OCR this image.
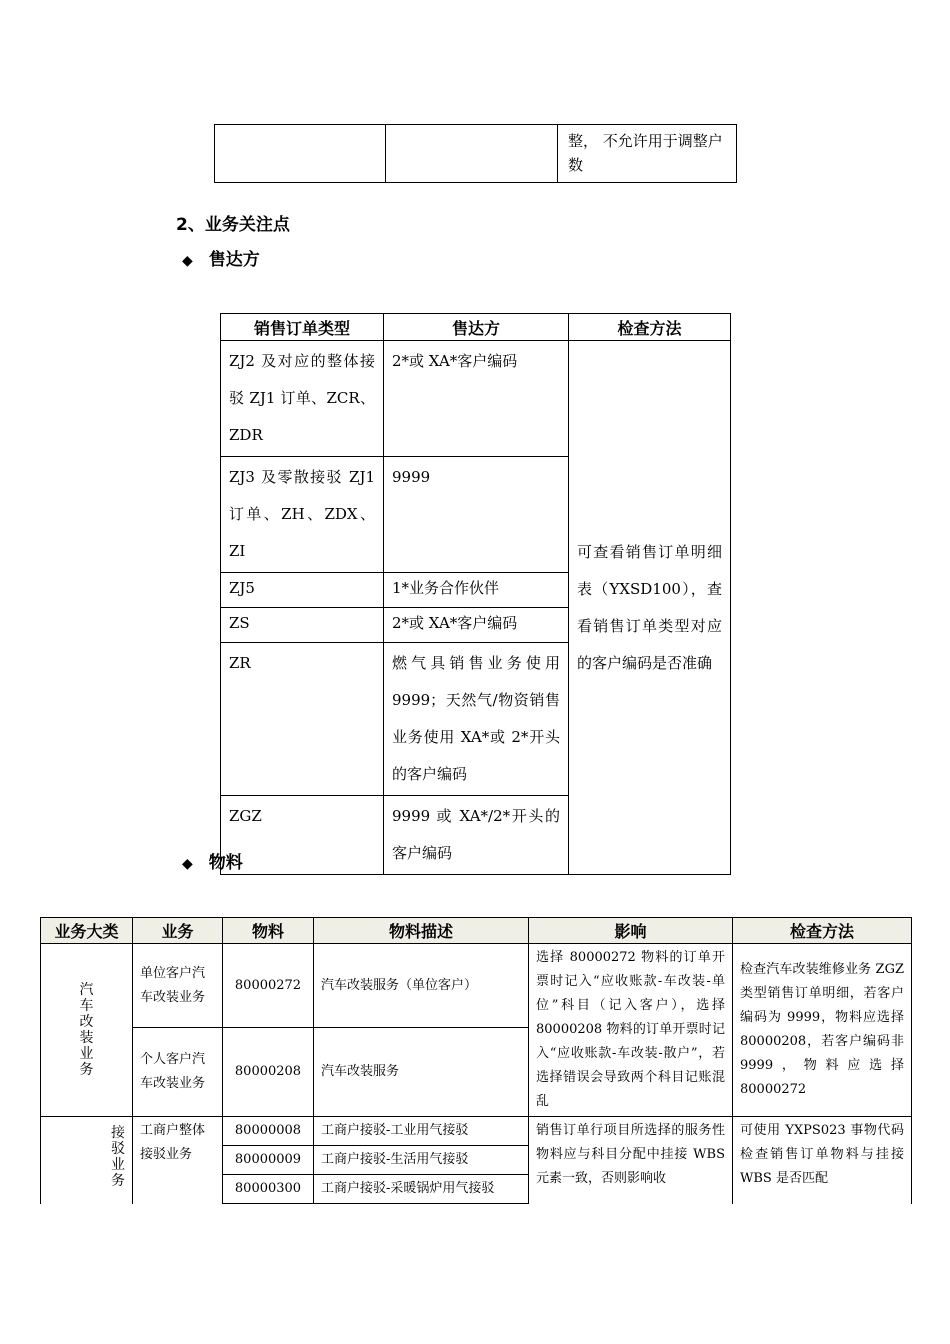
		整， 不允许用于调整户数
2、业务关注点
◆ 售达方
销售订单类型	售达方	检查方法
ZJ2 及对应的整体接驳 ZJ1 订单、ZCR、ZDR	2*或 XA*客户编码	可查看销售订单明细表（YXSD100），查看销售订单类型对应的客户编码是否准确
ZJ3 及零散接驳 ZJ1 订单、ZH、ZDX、ZI	9999	
ZJ5	1*业务合作伙伴	
ZS	2*或 XA*客户编码	
ZR	燃气具销售业务使用 9999；天然气/物资销售业务使用 XA*或 2*开头的客户编码	
ZGZ	9999 或 XA*/2*开头的客户编码	
◆ 物料
业务大类	业务	物料	物料描述	影响	检查方法

汽车改装业务	单位客户汽车改装业务	80000272	汽车改装服务（单位客户）	选择 80000272 物料的订单开票时记入“应收账款-车改装-单位”科目（记入客户），选择 80000208 物料的订单开票时记入“应收账款-车改装-散户”，若选择错误会导致两个科目记账混乱	检查汽车改装维修业务 ZGZ 类型销售订单明细，若客户编码为 9999，物料应选择 80000208，若客户编码非 9999，物料应选择 80000272
	个人客户汽车改装业务	80000208	汽车改装服务		

接驳业务	工商户整体接驳业务	80000008	工商户接驳-工业用气接驳	销售订单行项目所选择的服务性物料应与科目分配中挂接 WBS 元素一致，否则影响收	可使用 YXPS023 事物代码检查销售订单物料与挂接 WBS 是否匹配
		80000009	工商户接驳-生活用气接驳		
		80000300	工商户接驳-采暖锅炉用气接驳		
